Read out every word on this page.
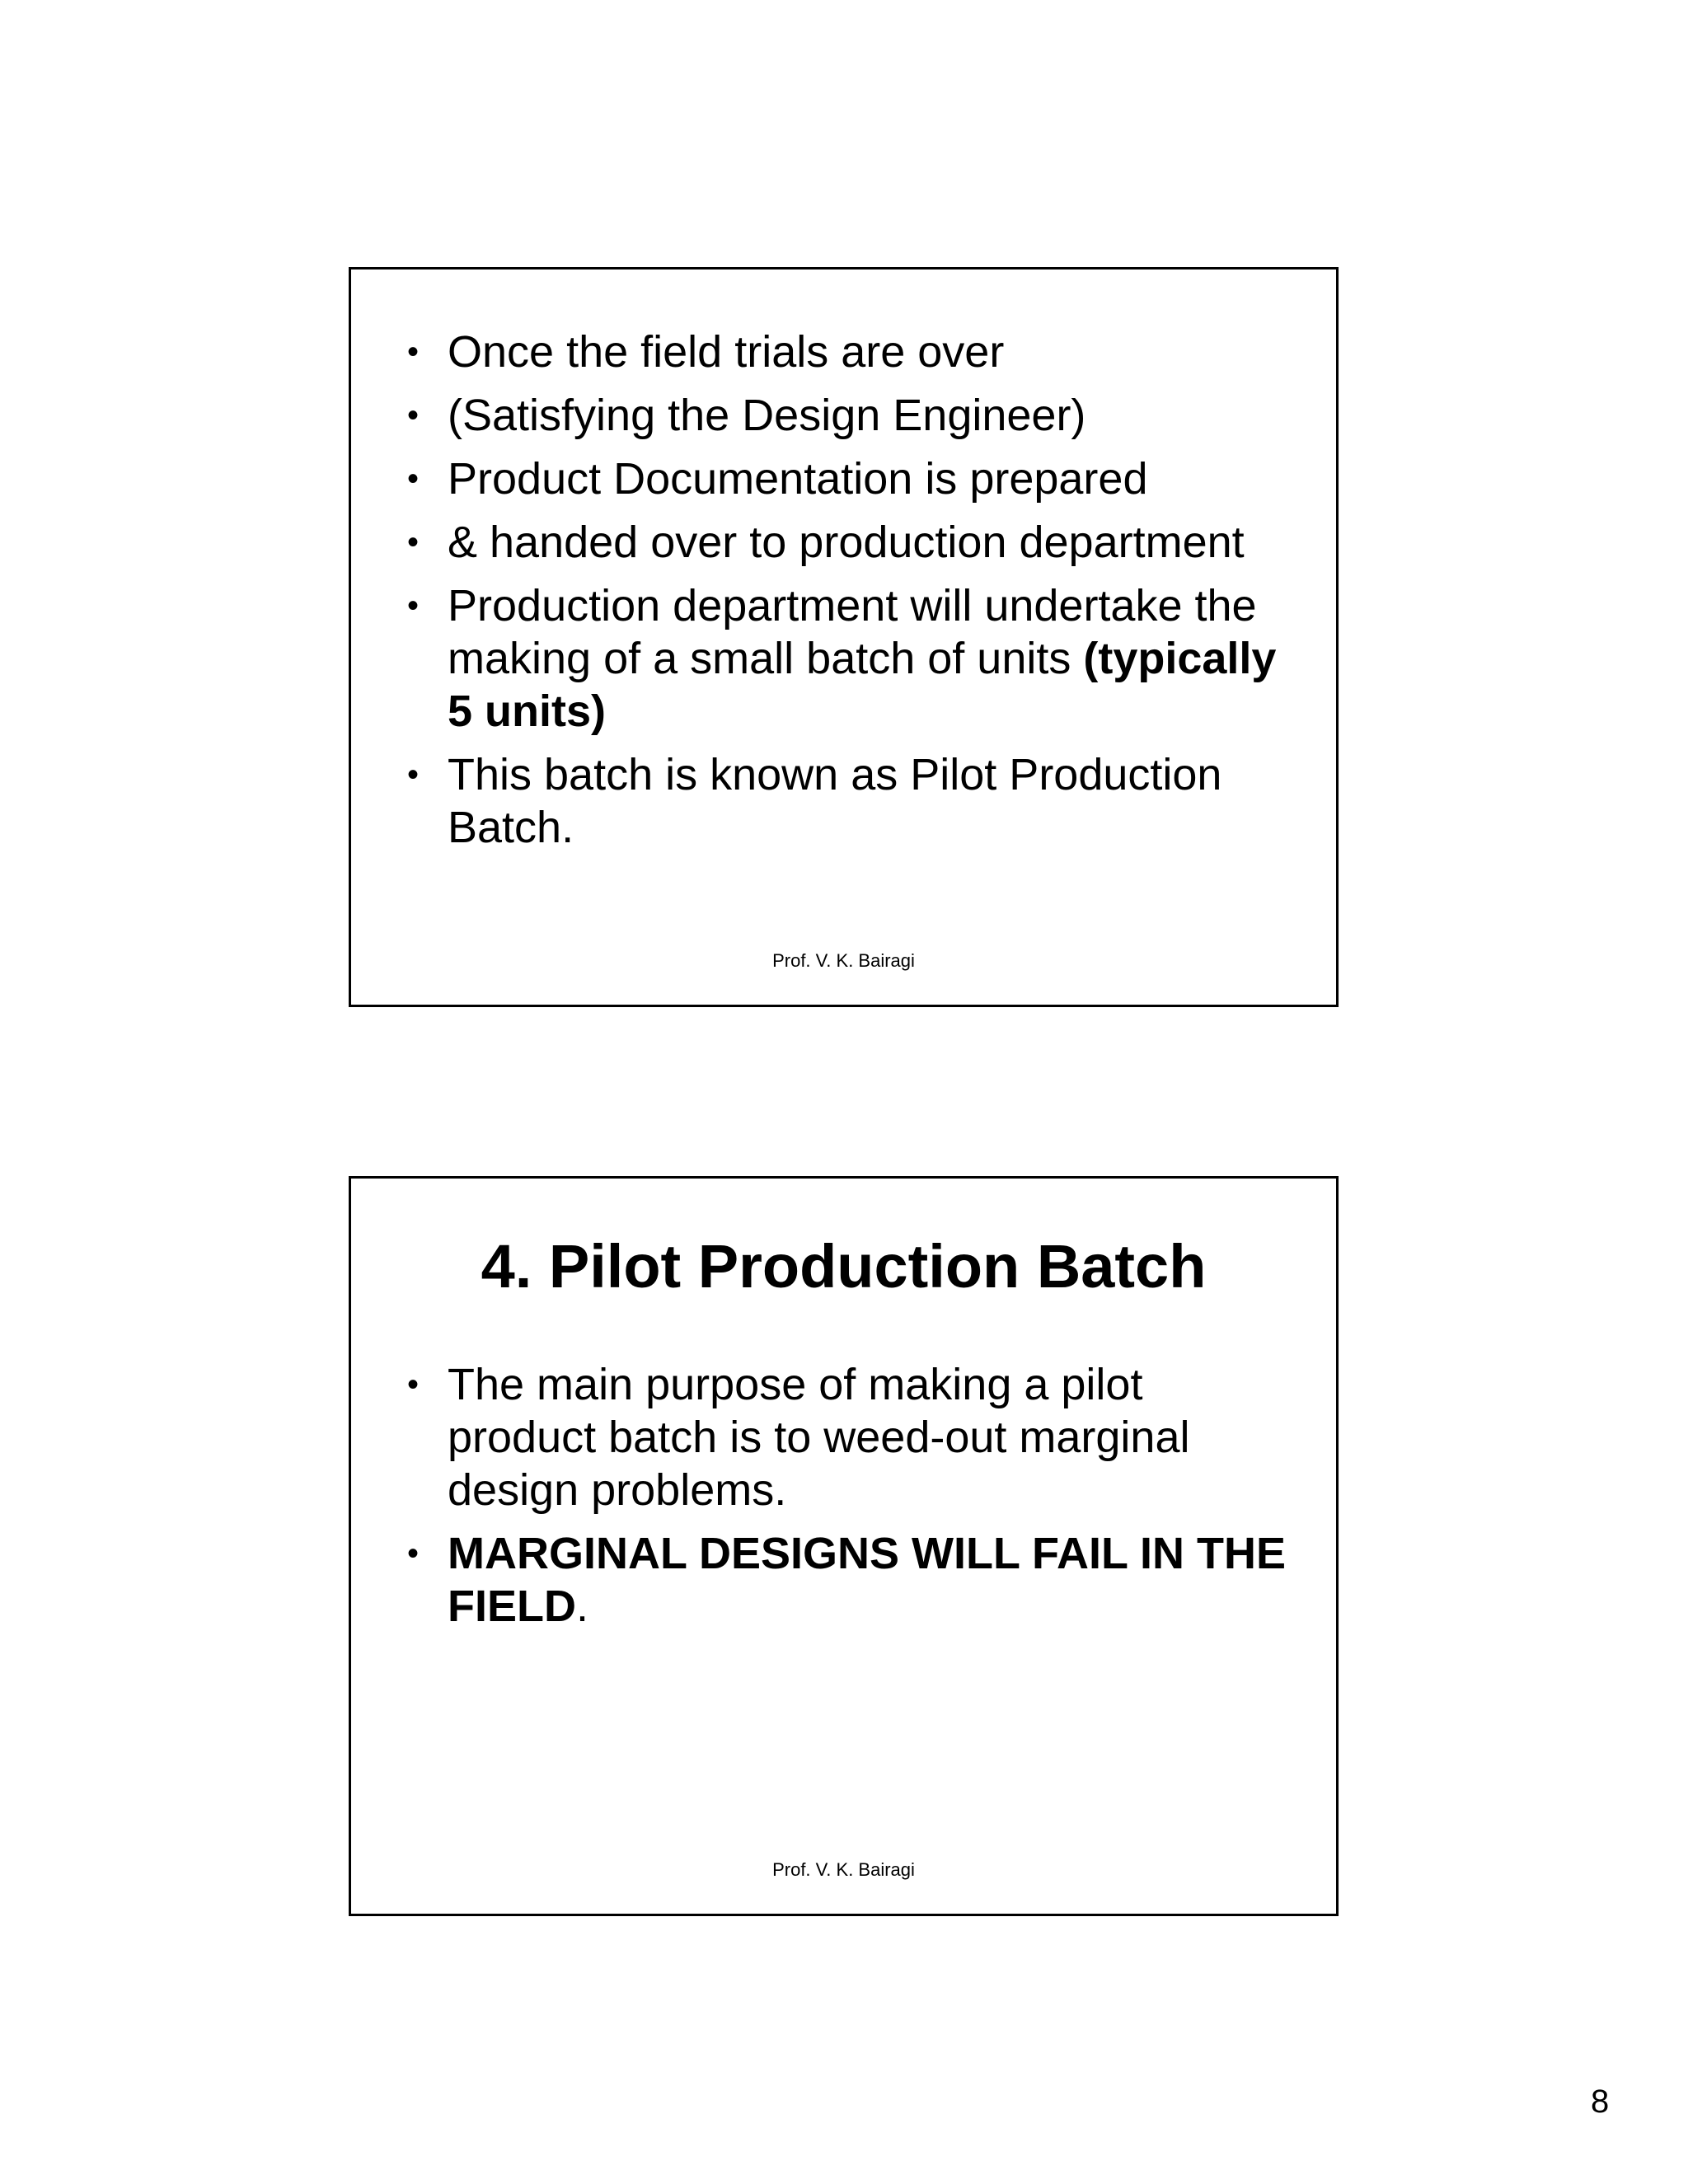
• Once the field trials are over
• (Satisfying the Design Engineer)
• Product Documentation is prepared
• & handed over to production department
• Production department will undertake the making of a small batch of units (typically 5 units)
• This batch is known as Pilot Production Batch.
Prof. V. K. Bairagi
4. Pilot Production Batch
• The main purpose of making a pilot product batch is to weed-out marginal design problems.
• MARGINAL DESIGNS WILL FAIL IN THE FIELD.
Prof. V. K. Bairagi
8
